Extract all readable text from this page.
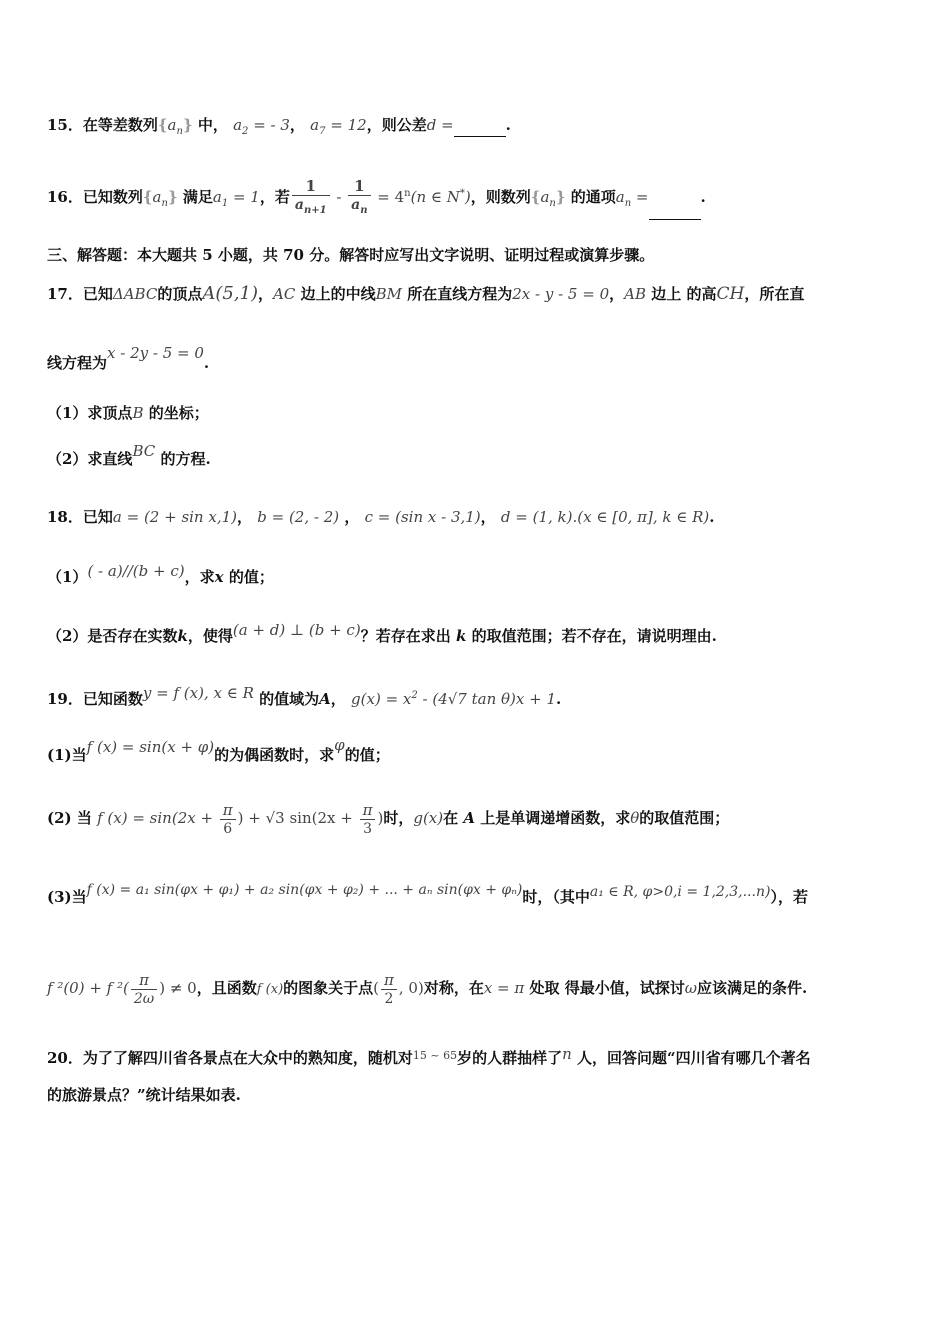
15．在等差数列$\{a_n\}$ 中， $a_2$ = - 3， $a_7 = 12$，则公差d =	.
16．已知数列$\{a_n\}$ 满足$a_1 = 1$，若 $\frac{1}{a_{n+1}} - \frac{1}{a_n} = 4^n(n$ ∈ N*)，则数列$\{a_n\}$ 的通项$a_n$ =	.
三、解答题：本大题共 5 小题，共 70 分。解答时应写出文字说明、证明过程或演算步骤。
17．已知ΔABC的顶点A(5,1)，AC 边上的中线BM 所在直线方程为2x - y - 5 = 0，AB 边上 的高CH，所在直
线方程为x - 2y - 5 = 0.
（1）求顶点B 的坐标；
（2）求直线BC 的方程.
18．已知a = (2 + sin x,1)， b = (2, - 2) ， c = (sin x - 3,1)， d = (1, k).(x ∈ [0, π], k ∈ R).
（1）( - a)//(b + c)，求x 的值；
（2）是否存在实数k，使得(a + d) ⊥ (b + c)？若存在求出 k 的取值范围；若不存在，请说明理由.
19．已知函数y = f (x), x ∈ R 的值域为A， $g(x) = x^2 - (4√7$ tan θ)x + 1.
(1)当f (x) = sin(x + φ)的为偶函数时，求φ的值；
(2) 当 f $(x) = \sin(2x + \frac{\pi}{6}$ ) + √3 $\sin(2x + \frac{\pi}{3}$ )时，g(x)在 A 上是单调递增函数，求θ的取值范围；
(3)当f (x) = a₁ sin(φx + φ₁) + a₂ sin(φx + φ₂) + ... + aₙ sin(φx + φₙ)时，（其中a₁ ∈ R, φ>0,i = 1,2,3,...n)），若
f ²(0) + f $^2( \frac{\pi}{2\omega}$ ) ≠ 0，且函数f (x)的图象关于点( $\frac{\pi}{2}$ , 0)对称，在x = π 处取 得最小值，试探讨ω应该满足的条件.
20．为了了解四川省各景点在大众中的熟知度，随机对$^{15 \sim 65}$岁的人群抽样了n 人，回答问题“四川省有哪几个著名
的旅游景点？”统计结果如表.
